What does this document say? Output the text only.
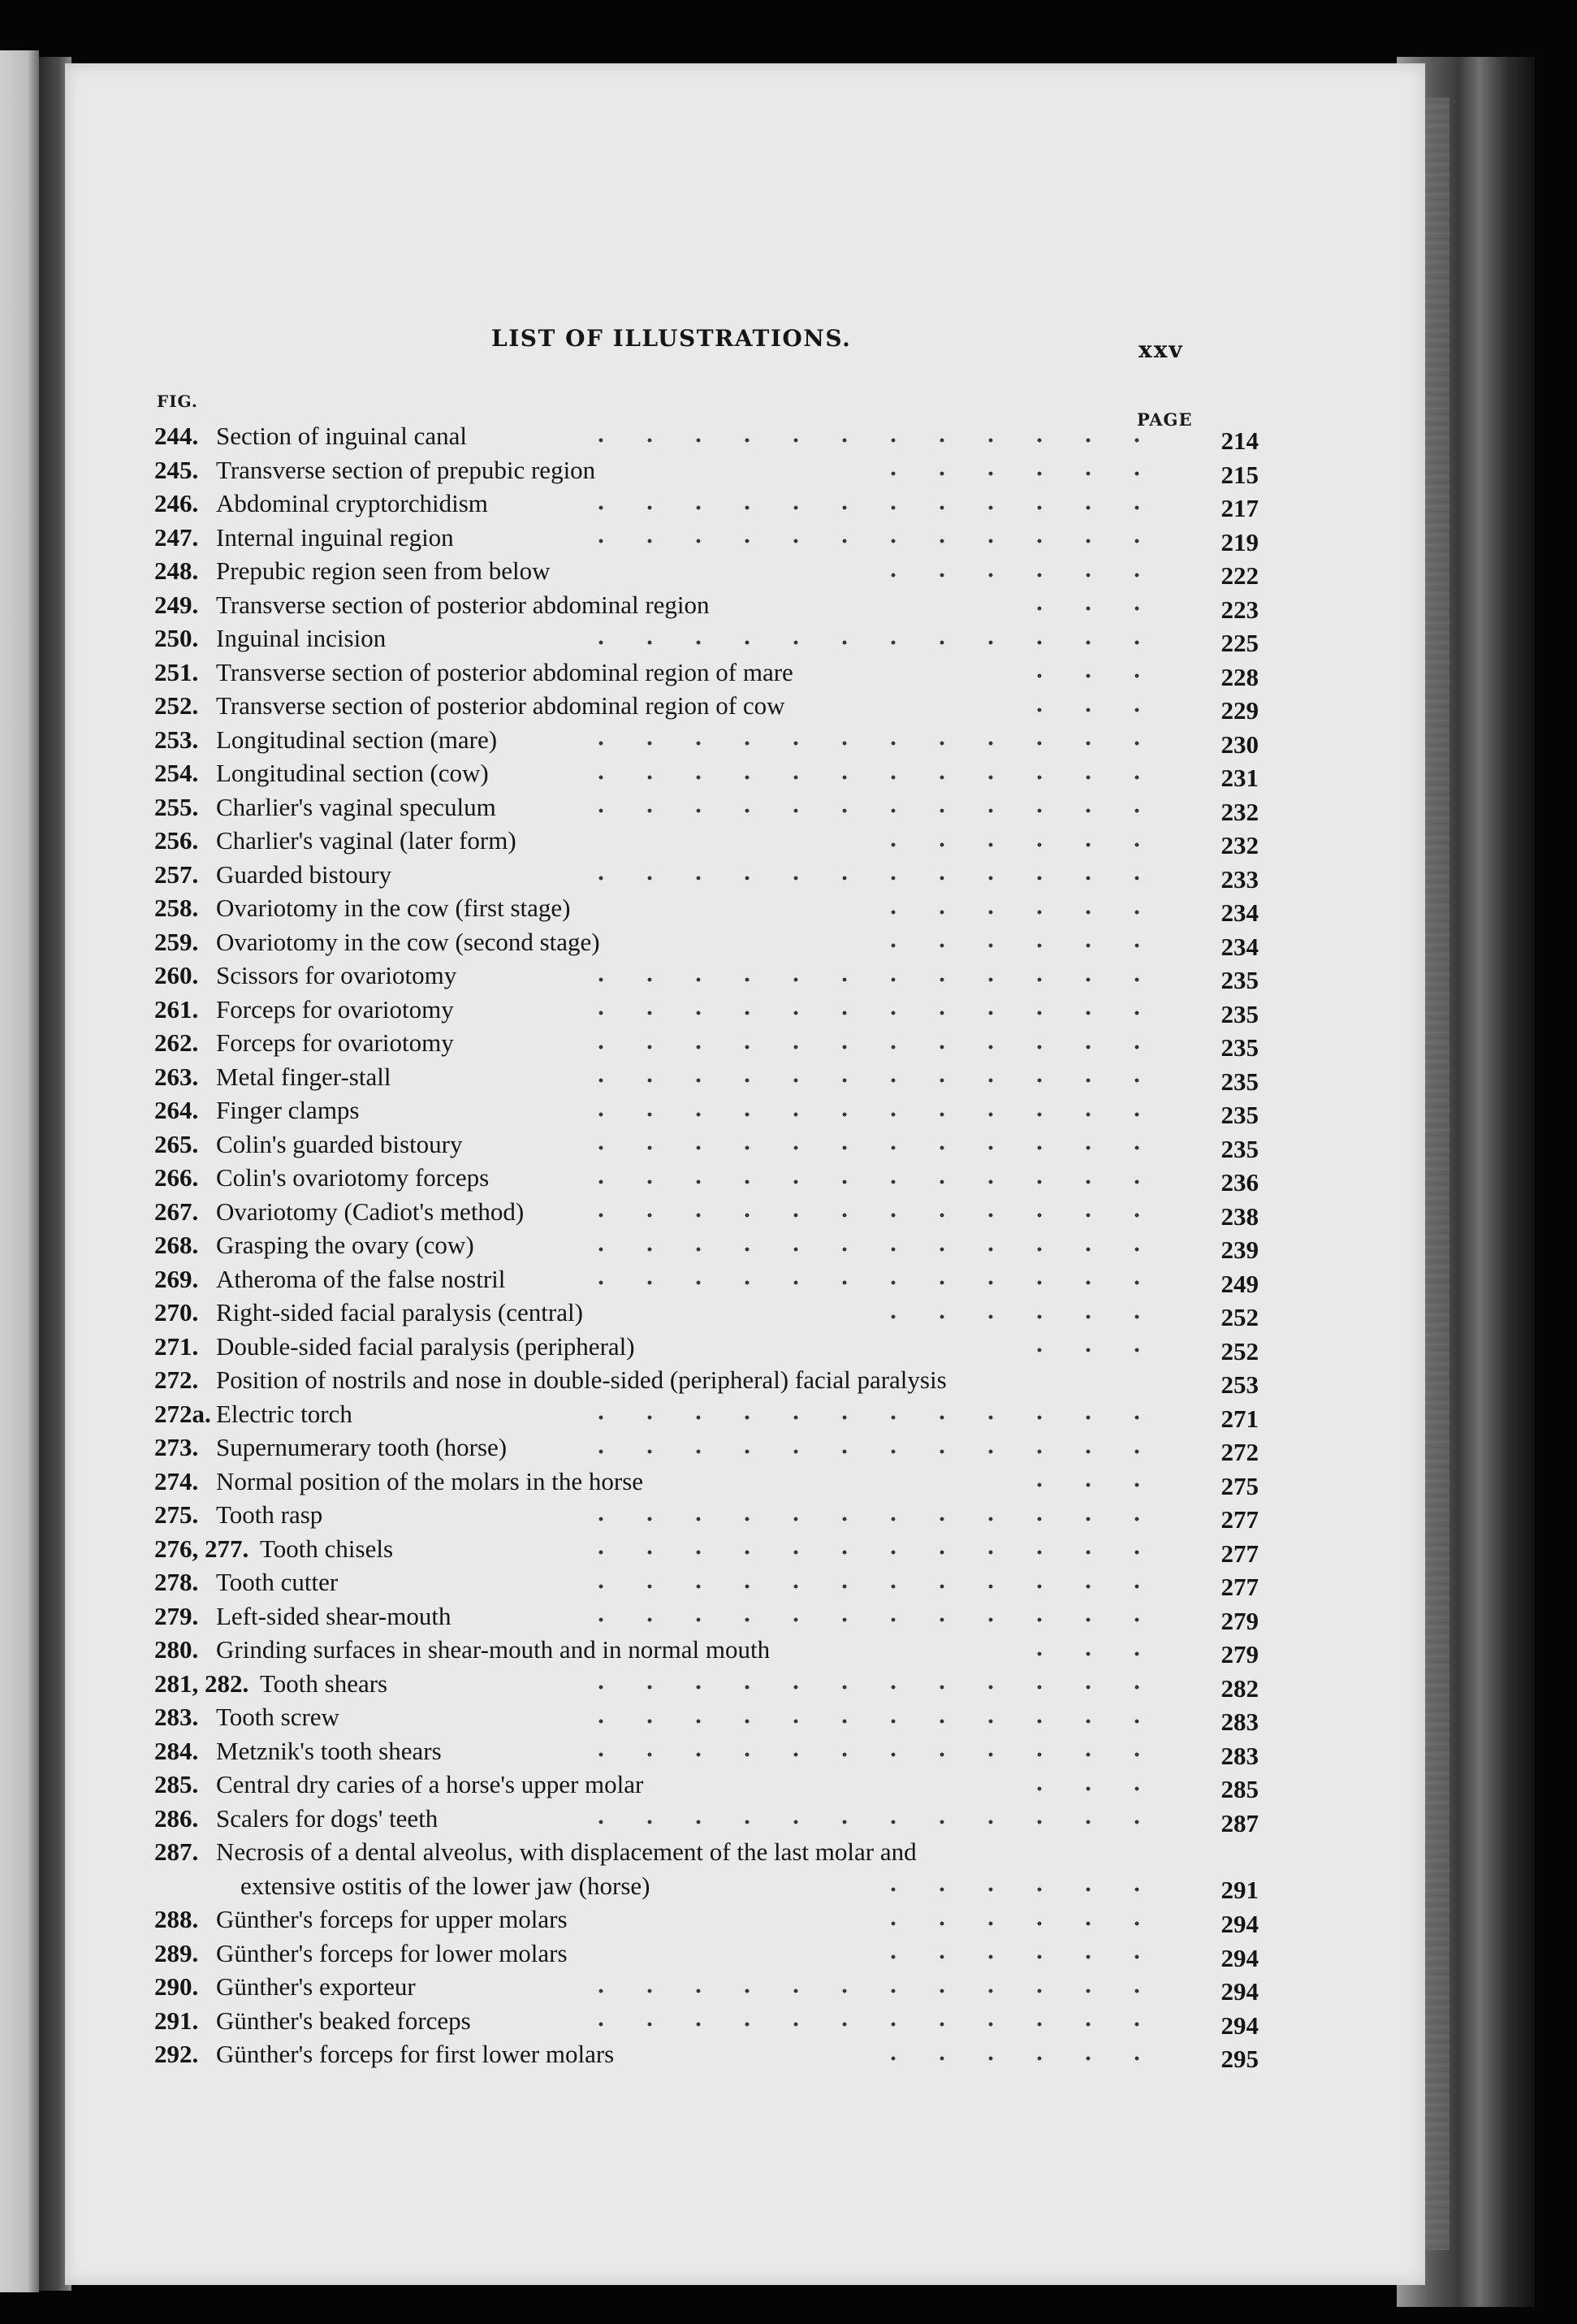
LIST OF ILLUSTRATIONS.	xxv
FIG.
PAGE
244. Section of inguinal canal	214
245. Transverse section of prepubic region	215
246. Abdominal cryptorchidism	217
247. Internal inguinal region	219
248. Prepubic region seen from below	222
249. Transverse section of posterior abdominal region	223
250. Inguinal incision	225
251. Transverse section of posterior abdominal region of mare	228
252. Transverse section of posterior abdominal region of cow	229
253. Longitudinal section (mare)	230
254. Longitudinal section (cow)	231
255. Charlier's vaginal speculum	232
256. Charlier's vaginal (later form)	232
257. Guarded bistoury	233
258. Ovariotomy in the cow (first stage)	234
259. Ovariotomy in the cow (second stage)	234
260. Scissors for ovariotomy	235
261. Forceps for ovariotomy	235
262. Forceps for ovariotomy	235
263. Metal finger-stall	235
264. Finger clamps	235
265. Colin's guarded bistoury	235
266. Colin's ovariotomy forceps	236
267. Ovariotomy (Cadiot's method)	238
268. Grasping the ovary (cow)	239
269. Atheroma of the false nostril	249
270. Right-sided facial paralysis (central)	252
271. Double-sided facial paralysis (peripheral)	252
272. Position of nostrils and nose in double-sided (peripheral) facial paralysis	253
272a. Electric torch	271
273. Supernumerary tooth (horse)	272
274. Normal position of the molars in the horse	275
275. Tooth rasp	277
276, 277. Tooth chisels	277
278. Tooth cutter	277
279. Left-sided shear-mouth	279
280. Grinding surfaces in shear-mouth and in normal mouth	279
281, 282. Tooth shears	282
283. Tooth screw	283
284. Metznik's tooth shears	283
285. Central dry caries of a horse's upper molar	285
286. Scalers for dogs' teeth	287
287. Necrosis of a dental alveolus, with displacement of the last molar and
extensive ostitis of the lower jaw (horse)	291
288. Günther's forceps for upper molars	294
289. Günther's forceps for lower molars	294
290. Günther's exporteur	294
291. Günther's beaked forceps	294
292. Günther's forceps for first lower molars	295
